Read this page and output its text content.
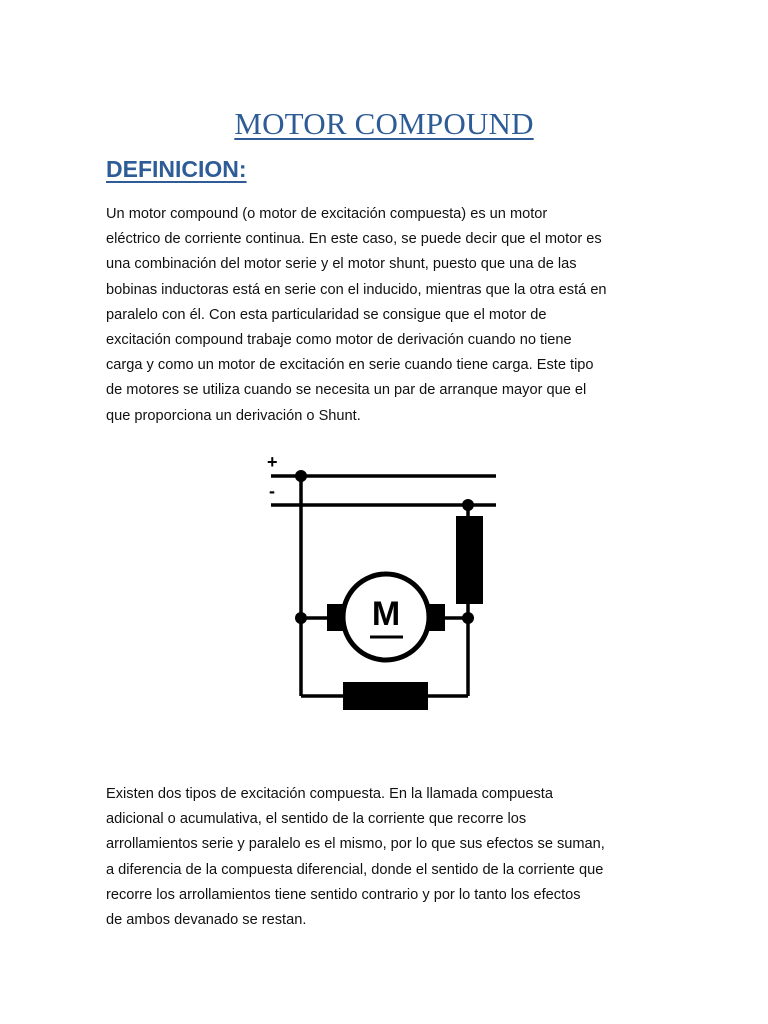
MOTOR COMPOUND
DEFINICION:

Un motor compound (o motor de excitación compuesta) es un motor
eléctrico de corriente continua. En este caso, se puede decir que el motor es
una combinación del motor serie y el motor shunt, puesto que una de las
bobinas inductoras está en serie con el inducido, mientras que la otra está en
paralelo con él. Con esta particularidad se consigue que el motor de
excitación compound trabaje como motor de derivación cuando no tiene
carga y como un motor de excitación en serie cuando tiene carga. Este tipo
de motores se utiliza cuando se necesita un par de arranque mayor que el
que proporciona un derivación o Shunt.

+
-
M

Existen dos tipos de excitación compuesta. En la llamada compuesta
adicional o acumulativa, el sentido de la corriente que recorre los
arrollamientos serie y paralelo es el mismo, por lo que sus efectos se suman,
a diferencia de la compuesta diferencial, donde el sentido de la corriente que
recorre los arrollamientos tiene sentido contrario y por lo tanto los efectos
de ambos devanado se restan.
